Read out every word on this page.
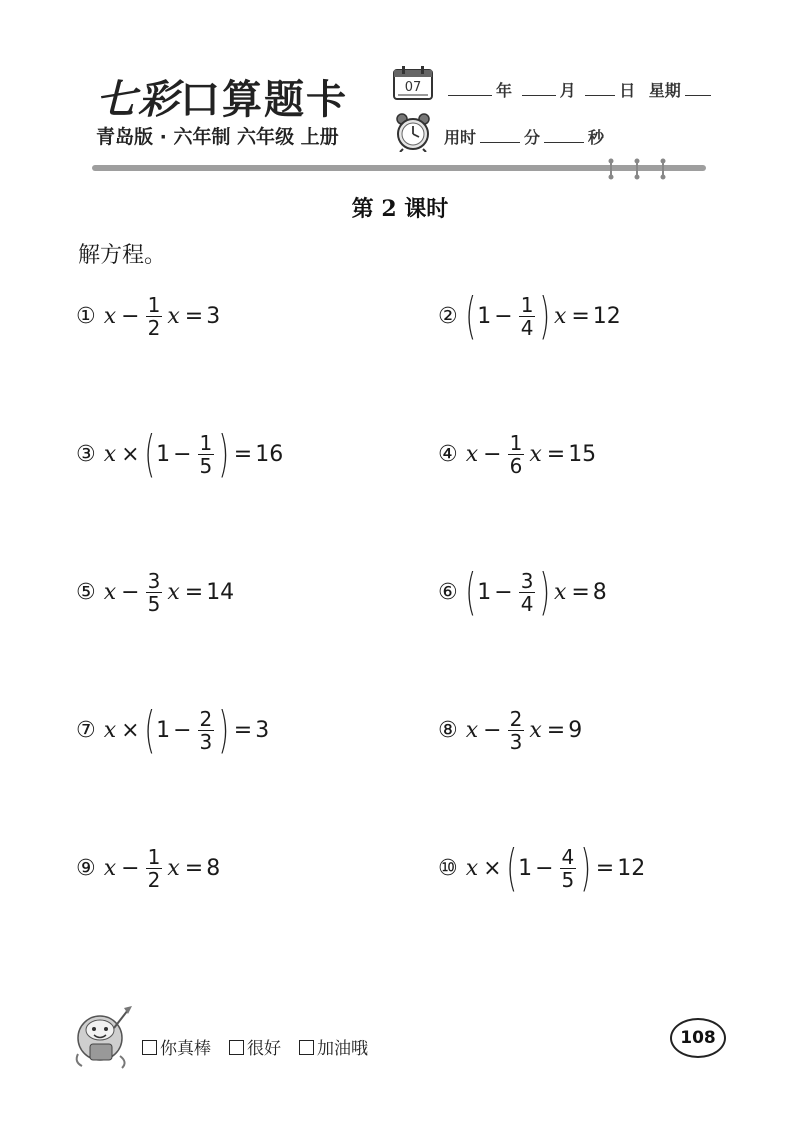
七彩口算题卡
青岛版 · 六年制 六年级 上册
07	年	月	日 星期
用时	分	秒
第 2 课时
解方程。
① $x - \frac{1}{2}$ x = 3	② ( $1 - \frac{1}{4}$ ) x = 12
③ x × ( $1 - \frac{1}{5}$ ) = 16	④ $x - \frac{1}{6}$ x = 15
⑤ $x - \frac{3}{5}$ x = 14	⑥ ( $1 - \frac{3}{4}$ ) x = 8
⑦ x × ( $1 - \frac{2}{3}$ ) = 3	⑧ $x - \frac{2}{3}$ x = 9
⑨ $x - \frac{1}{2}$ x = 8	⑩ x × ( $1 - \frac{4}{5}$ ) = 12
你真棒	很好	加油哦
108
